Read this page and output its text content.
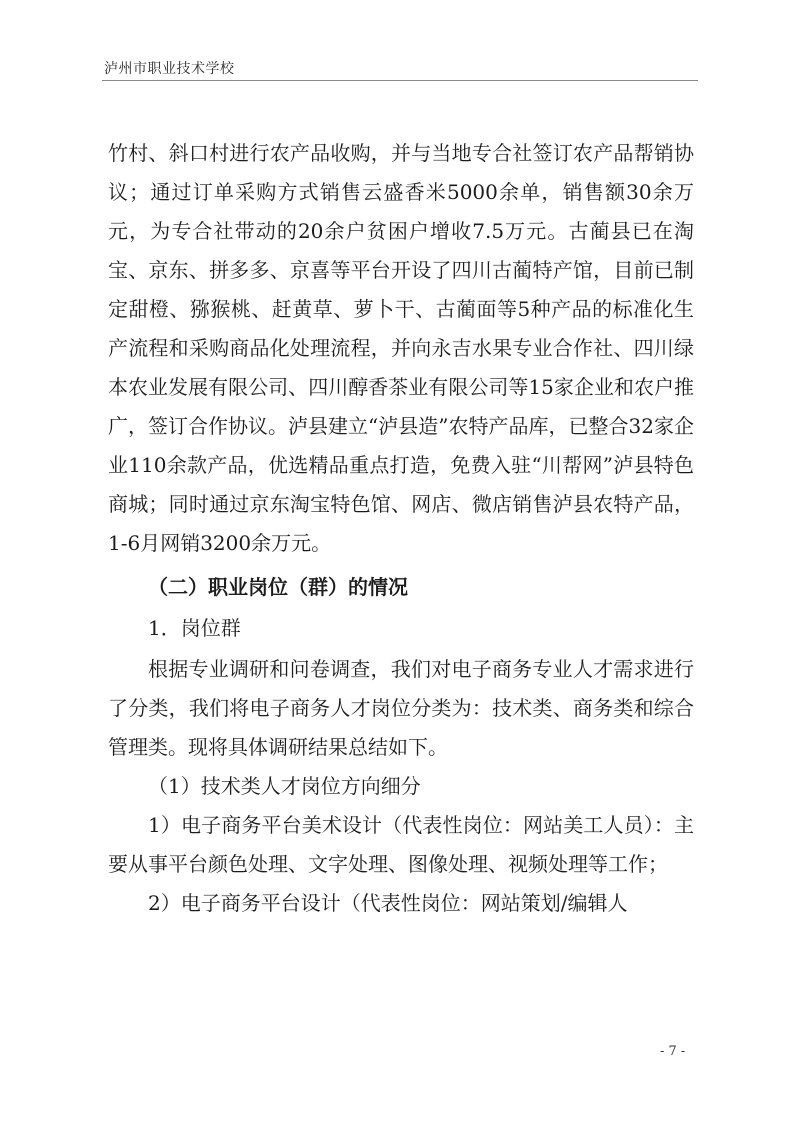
泸州市职业技术学校

竹村、斜口村进行农产品收购，并与当地专合社签订农产品帮销协议；通过订单采购方式销售云盛香米5000余单，销售额30余万元，为专合社带动的20余户贫困户增收7.5万元。古蔺县已在淘宝、京东、拼多多、京喜等平台开设了四川古蔺特产馆，目前已制定甜橙、猕猴桃、赶黄草、萝卜干、古蔺面等5种产品的标准化生产流程和采购商品化处理流程，并向永吉水果专业合作社、四川绿本农业发展有限公司、四川醇香茶业有限公司等15家企业和农户推广，签订合作协议。泸县建立“泸县造”农特产品库，已整合32家企业110余款产品，优选精品重点打造，免费入驻“川帮网”泸县特色商城；同时通过京东淘宝特色馆、网店、微店销售泸县农特产品，1-6月网销3200余万元。

（二）职业岗位（群）的情况

1．岗位群

根据专业调研和问卷调查，我们对电子商务专业人才需求进行了分类，我们将电子商务人才岗位分类为：技术类、商务类和综合管理类。现将具体调研结果总结如下。

（1）技术类人才岗位方向细分

1）电子商务平台美术设计（代表性岗位：网站美工人员）：主要从事平台颜色处理、文字处理、图像处理、视频处理等工作；

2）电子商务平台设计（代表性岗位：网站策划/编辑人

- 7 -
